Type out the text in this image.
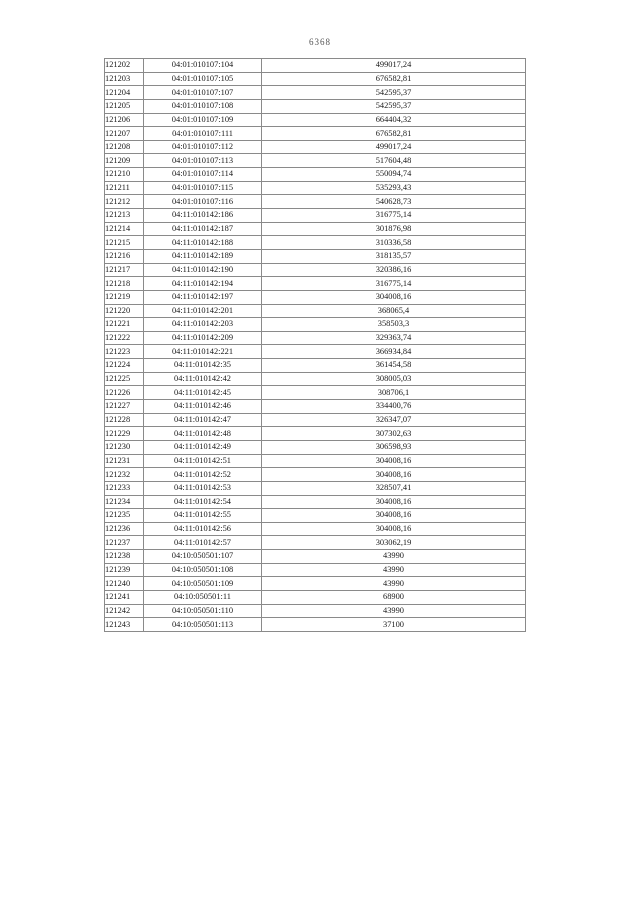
6368
121202	04:01:010107:104	499017,24
121203	04:01:010107:105	676582,81
121204	04:01:010107:107	542595,37
121205	04:01:010107:108	542595,37
121206	04:01:010107:109	664404,32
121207	04:01:010107:111	676582,81
121208	04:01:010107:112	499017,24
121209	04:01:010107:113	517604,48
121210	04:01:010107:114	550094,74
121211	04:01:010107:115	535293,43
121212	04:01:010107:116	540628,73
121213	04:11:010142:186	316775,14
121214	04:11:010142:187	301876,98
121215	04:11:010142:188	310336,58
121216	04:11:010142:189	318135,57
121217	04:11:010142:190	320386,16
121218	04:11:010142:194	316775,14
121219	04:11:010142:197	304008,16
121220	04:11:010142:201	368065,4
121221	04:11:010142:203	358503,3
121222	04:11:010142:209	329363,74
121223	04:11:010142:221	366934,84
121224	04:11:010142:35	361454,58
121225	04:11:010142:42	308005,03
121226	04:11:010142:45	308706,1
121227	04:11:010142:46	334400,76
121228	04:11:010142:47	326347,07
121229	04:11:010142:48	307302,63
121230	04:11:010142:49	306598,93
121231	04:11:010142:51	304008,16
121232	04:11:010142:52	304008,16
121233	04:11:010142:53	328507,41
121234	04:11:010142:54	304008,16
121235	04:11:010142:55	304008,16
121236	04:11:010142:56	304008,16
121237	04:11:010142:57	303062,19
121238	04:10:050501:107	43990
121239	04:10:050501:108	43990
121240	04:10:050501:109	43990
121241	04:10:050501:11	68900
121242	04:10:050501:110	43990
121243	04:10:050501:113	37100
